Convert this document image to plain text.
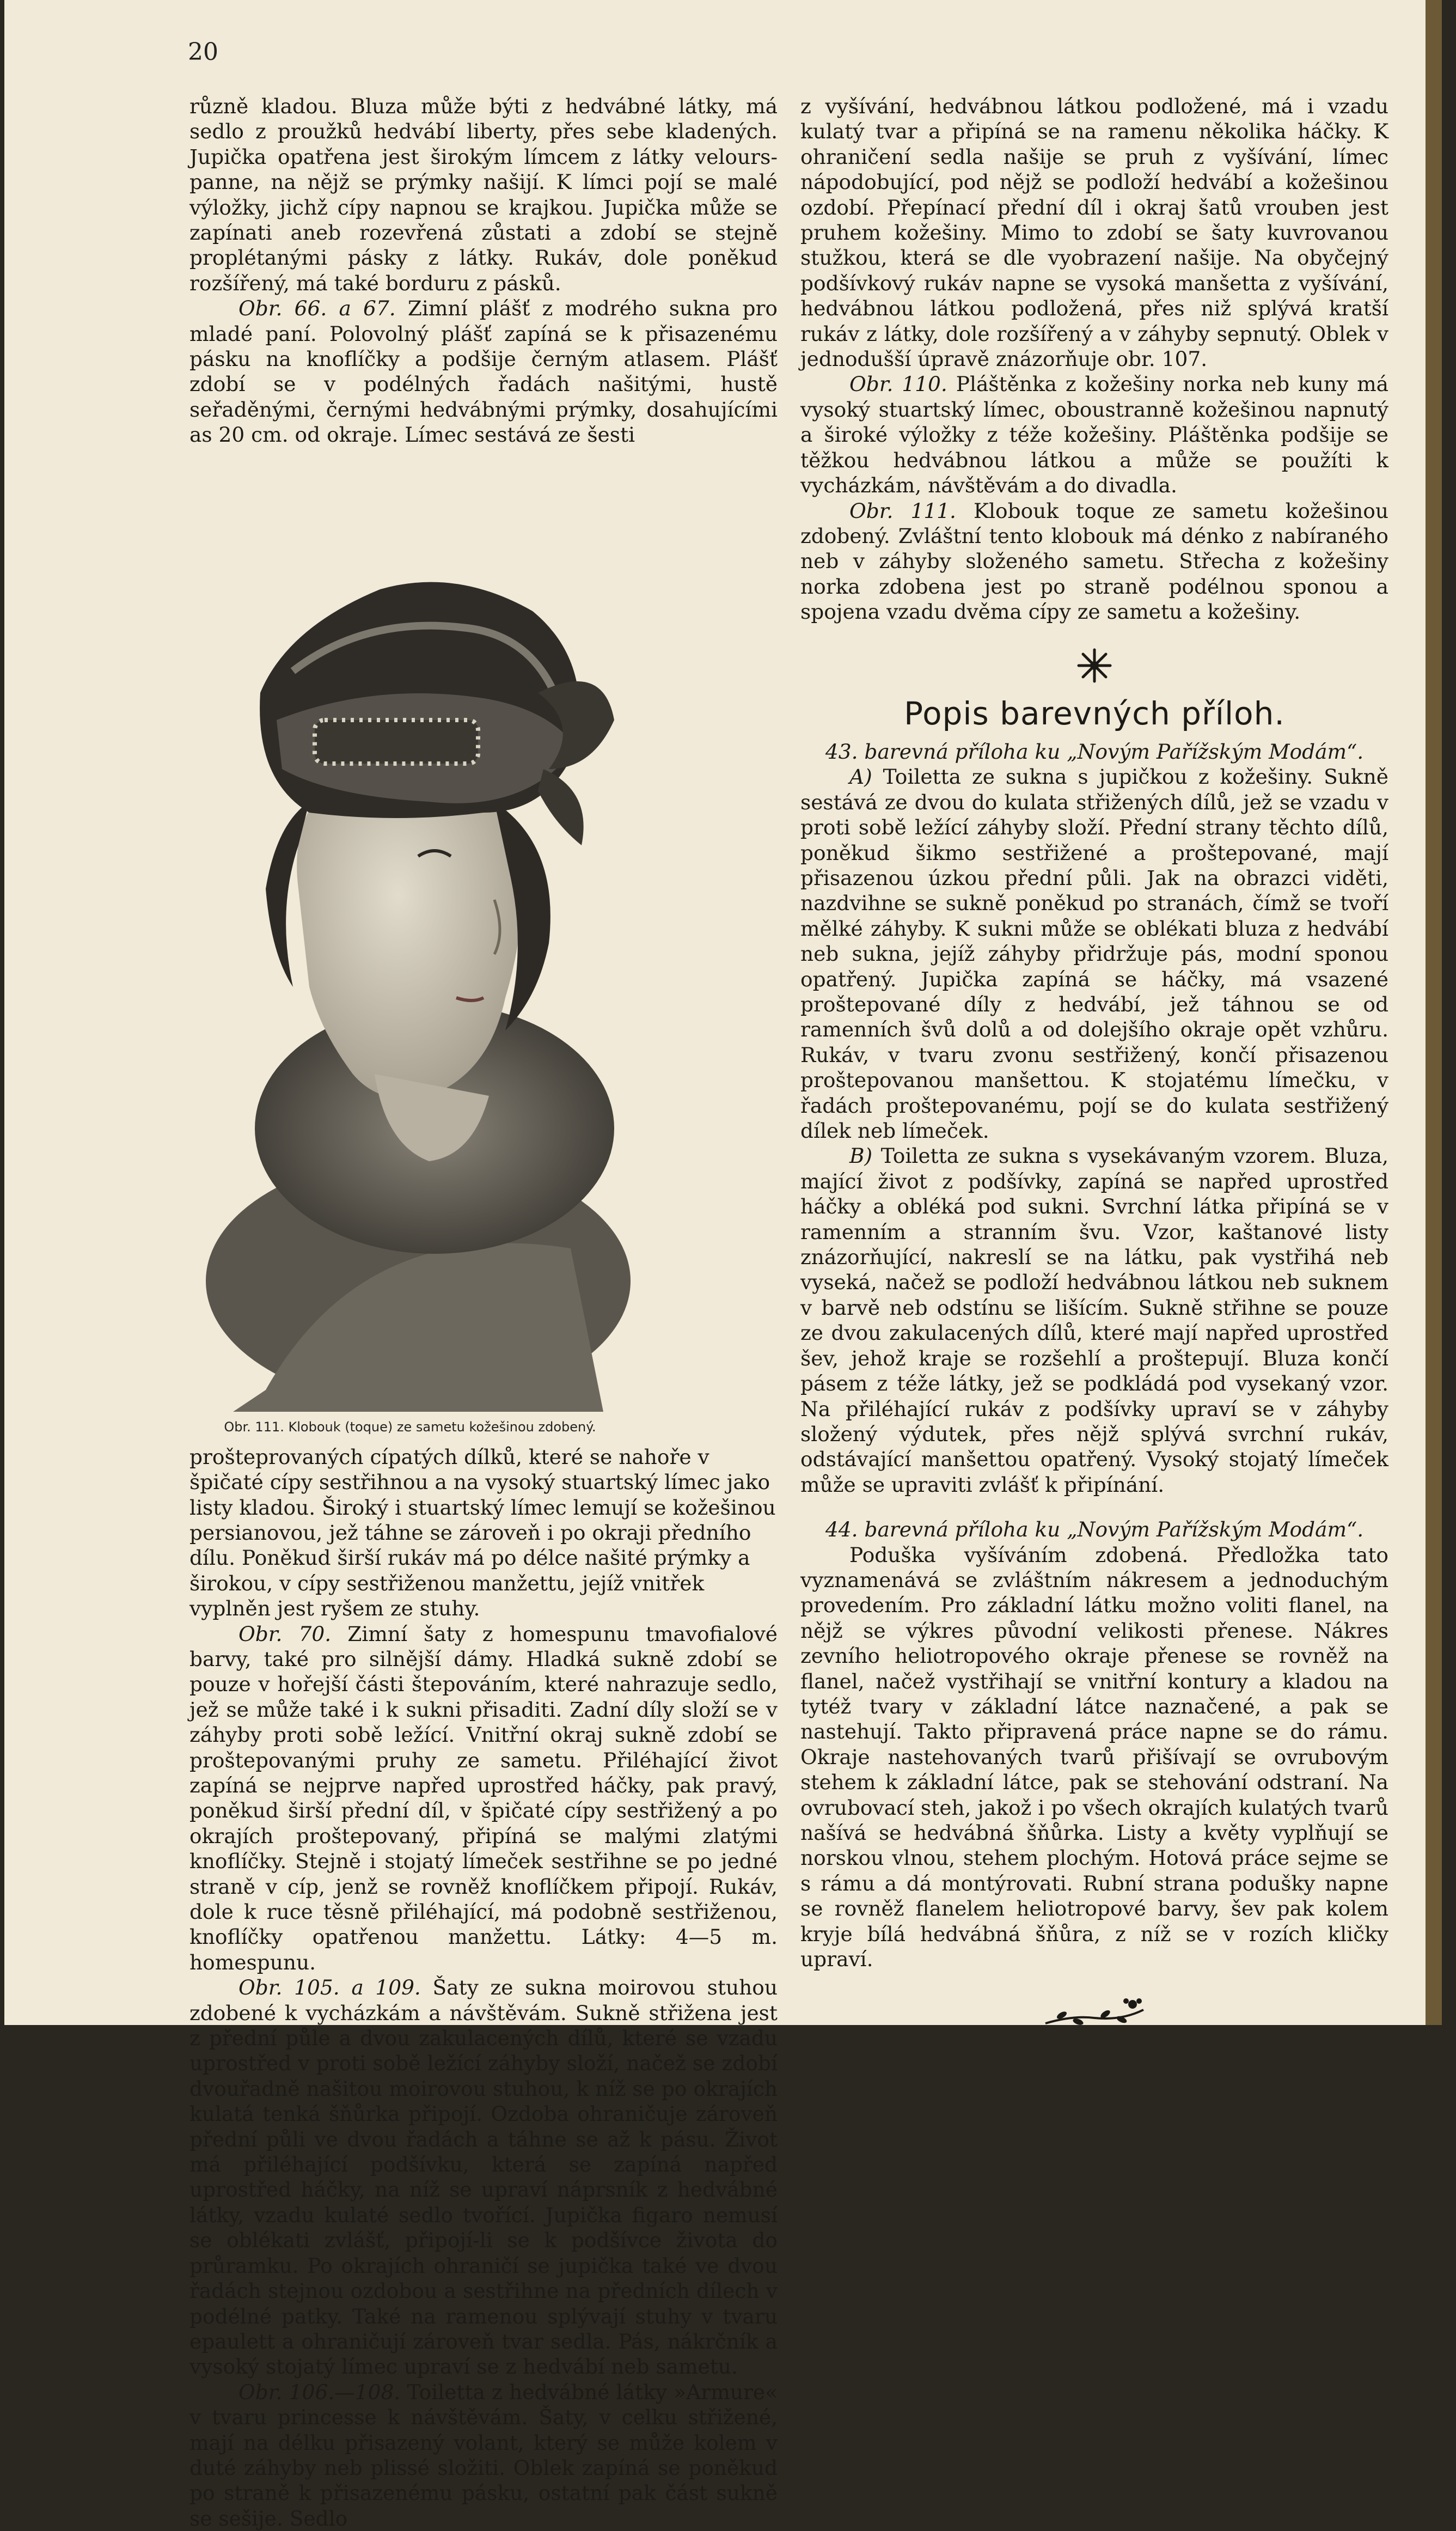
20

různě kladou. Bluza může býti z hedvábné látky, má sedlo z proužků hedvábí liberty, přes sebe kladených. Jupička opatřena jest širokým límcem z látky velours-panne, na nějž se prýmky našijí. K límci pojí se malé výložky, jichž cípy napnou se krajkou. Jupička může se zapínati aneb rozevřená zůstati a zdobí se stejně proplétanými pásky z látky. Rukáv, dole poněkud rozšířený, má také borduru z pásků.

Obr. 66. a 67. Zimní plášť z modrého sukna pro mladé paní. Polovolný plášť zapíná se k přisazenému pásku na knoflíčky a podšije černým atlasem. Plášť zdobí se v podélných řadách našitými, hustě seřaděnými, černými hedvábnými prýmky, dosahujícími as 20 cm. od okraje. Límec sestává ze šesti

Obr. 111. Klobouk (toque) ze sametu kožešinou zdobený.

prošteprovaných cípatých dílků, které se nahoře v špičaté cípy sestřihnou a na vysoký stuartský límec jako listy kladou. Široký i stuartský límec lemují se kožešinou persianovou, jež táhne se zároveň i po okraji předního dílu. Poněkud širší rukáv má po délce našité prýmky a širokou, v cípy sestřiženou manžettu, jejíž vnitřek vyplněn jest ryšem ze stuhy.

Obr. 70. Zimní šaty z homespunu tmavofialové barvy, také pro silnější dámy. Hladká sukně zdobí se pouze v hořejší části štepováním, které nahrazuje sedlo, jež se může také i k sukni přisaditi. Zadní díly složí se v záhyby proti sobě ležící. Vnitřní okraj sukně zdobí se proštepovanými pruhy ze sametu. Přiléhající život zapíná se nejprve napřed uprostřed háčky, pak pravý, poněkud širší přední díl, v špičaté cípy sestřižený a po okrajích proštepovaný, připíná se malými zlatými knoflíčky. Stejně i stojatý límeček sestřihne se po jedné straně v cíp, jenž se rovněž knoflíčkem připojí. Rukáv, dole k ruce těsně přiléhající, má podobně sestřiženou, knoflíčky opatřenou manžettu. Látky: 4—5 m. homespunu.

Obr. 105. a 109. Šaty ze sukna moirovou stuhou zdobené k vycházkám a návštěvám. Sukně střižena jest z přední půle a dvou zakulacených dílů, které se vzadu uprostřed v proti sobě ležící záhyby složí, načež se zdobí dvouřadně našitou moirovou stuhou, k níž se po okrajích kulatá tenká šňůrka připojí. Ozdoba ohraničuje zároveň přední půli ve dvou řadách a táhne se až k pásu. Život má přiléhající podšívku, která se zapíná napřed uprostřed háčky, na níž se upraví náprsník z hedvábné látky, vzadu kulaté sedlo tvořící. Jupička figaro nemusí se oblékati zvlášť, připojí-li se k podšívce života do průramku. Po okrajích ohraničí se jupička také ve dvou řadách stejnou ozdobou a sestřihne na předních dílech v podélné patky. Také na ramenou splývají stuhy v tvaru epaulett a ohraničují zároveň tvar sedla. Pás, nákrčník a vysoký stojatý límec upraví se z hedvábí neb sametu.

Obr. 106.—108. Toiletta z hedvábné látky »Armure« v tvaru princesse k návštěvám. Šaty, v celku střižené, mají na délku přisazený volant, který se může kolem v duté záhyby neb plissé složiti. Oblek zapíná se poněkud po straně k přisazenému pásku, ostatní pak část sukně se sešije. Sedlo

z vyšívání, hedvábnou látkou podložené, má i vzadu kulatý tvar a připíná se na ramenu několika háčky. K ohraničení sedla našije se pruh z vyšívání, límec nápodobující, pod nějž se podloží hedvábí a kožešinou ozdobí. Přepínací přední díl i okraj šatů vrouben jest pruhem kožešiny. Mimo to zdobí se šaty kuvrovanou stužkou, která se dle vyobrazení našije. Na obyčejný podšívkový rukáv napne se vysoká manšetta z vyšívání, hedvábnou látkou podložená, přes niž splývá kratší rukáv z látky, dole rozšířený a v záhyby sepnutý. Oblek v jednodušší úpravě znázorňuje obr. 107.

Obr. 110. Pláštěnka z kožešiny norka neb kuny má vysoký stuartský límec, oboustranně kožešinou napnutý a široké výložky z téže kožešiny. Pláštěnka podšije se těžkou hedvábnou látkou a může se použíti k vycházkám, návštěvám a do divadla.

Obr. 111. Klobouk toque ze sametu kožešinou zdobený. Zvláštní tento klobouk má dénko z nabíraného neb v záhyby složeného sametu. Střecha z kožešiny norka zdobena jest po straně podélnou sponou a spojena vzadu dvěma cípy ze sametu a kožešiny.

Popis barevných příloh.

43. barevná příloha ku „Novým Pařížským Modám“.

A) Toiletta ze sukna s jupičkou z kožešiny. Sukně sestává ze dvou do kulata střižených dílů, jež se vzadu v proti sobě ležící záhyby složí. Přední strany těchto dílů, poněkud šikmo sestřižené a proštepované, mají přisazenou úzkou přední půli. Jak na obrazci viděti, nazdvihne se sukně poněkud po stranách, čímž se tvoří mělké záhyby. K sukni může se oblékati bluza z hedvábí neb sukna, jejíž záhyby přidržuje pás, modní sponou opatřený. Jupička zapíná se háčky, má vsazené proštepované díly z hedvábí, jež táhnou se od ramenních švů dolů a od dolejšího okraje opět vzhůru. Rukáv, v tvaru zvonu sestřižený, končí přisazenou proštepovanou manšettou. K stojatému límečku, v řadách proštepovanému, pojí se do kulata sestřižený dílek neb límeček.

B) Toiletta ze sukna s vysekávaným vzorem. Bluza, mající život z podšívky, zapíná se napřed uprostřed háčky a obléká pod sukni. Svrchní látka připíná se v ramenním a stranním švu. Vzor, kaštanové listy znázorňující, nakreslí se na látku, pak vystřihá neb vyseká, načež se podloží hedvábnou látkou neb suknem v barvě neb odstínu se lišícím. Sukně střihne se pouze ze dvou zakulacených dílů, které mají napřed uprostřed šev, jehož kraje se rozšehlí a proštepují. Bluza končí pásem z téže látky, jež se podkládá pod vysekaný vzor. Na přiléhající rukáv z podšívky upraví se v záhyby složený výdutek, přes nějž splývá svrchní rukáv, odstávající manšettou opatřený. Vysoký stojatý límeček může se upraviti zvlášť k připínání.

44. barevná příloha ku „Novým Pařížským Modám“.

Poduška vyšíváním zdobená. Předložka tato vyznamenává se zvláštním nákresem a jednoduchým provedením. Pro základní látku možno voliti flanel, na nějž se výkres původní velikosti přenese. Nákres zevního heliotropového okraje přenese se rovněž na flanel, načež vystřihají se vnitřní kontury a kladou na tytéž tvary v základní látce naznačené, a pak se nastehují. Takto připravená práce napne se do rámu. Okraje nastehovaných tvarů přišívají se ovrubovým stehem k základní látce, pak se stehování odstraní. Na ovrubovací steh, jakož i po všech okrajích kulatých tvarů našívá se hedvábná šňůrka. Listy a květy vyplňují se norskou vlnou, stehem plochým. Hotová práce sejme se s rámu a dá montýrovati. Rubní strana podušky napne se rovněž flanelem heliotropové barvy, šev pak kolem kryje bílá hedvábná šňůra, z níž se v rozích kličky upraví.
